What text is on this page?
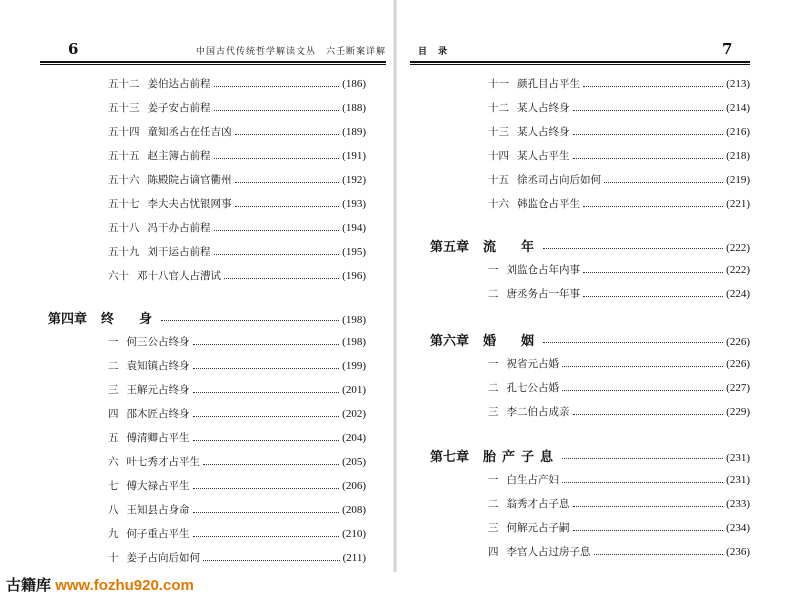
6	中国古代传统哲学解读文丛　六壬断案详解
五十二 姜伯达占前程	(186)
五十三 姜子安占前程	(188)
五十四 童知丞占在任吉凶	(189)
五十五 赵主簿占前程	(191)
五十六 陈殿院占谪官衢州	(192)
五十七 李大夫占忧银网事	(193)
五十八 冯干办占前程	(194)
五十九 刘干运占前程	(195)
六十 邓十八官人占漕试	(196)
第四章 终　身	(198)
一 何三公占终身	(198)
二 袁知镇占终身	(199)
三 王解元占终身	(201)
四 邵木匠占终身	(202)
五 傅清卿占平生	(204)
六 叶七秀才占平生	(205)
七 傅大禄占平生	(206)
八 王知县占身命	(208)
九 何子重占平生	(210)
十 姜子占向后如何	(211)
目　录	7
十一 颜孔目占平生	(213)
十二 某人占终身	(214)
十三 某人占终身	(216)
十四 某人占平生	(218)
十五 徐丞司占向后如何	(219)
十六 韩监仓占平生	(221)
第五章 流　年	(222)
一 刘监仓占年内事	(222)
二 唐丞务占一年事	(224)
第六章 婚　姻	(226)
一 祝省元占婚	(226)
二 孔七公占婚	(227)
三 李二伯占成亲	(229)
第七章 胎产子息	(231)
一 白生占产妇	(231)
二 翁秀才占子息	(233)
三 何解元占子嗣	(234)
四 李官人占过房子息	(236)
古籍库 www.fozhu920.com
